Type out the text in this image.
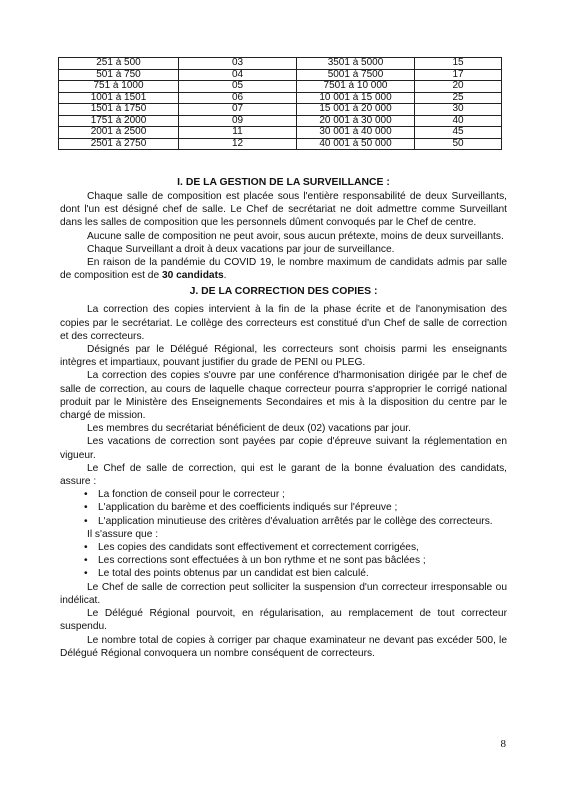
251 à 500	03	3501 à 5000	15
501 à 750	04	5001 à 7500	17
751 à 1000	05	7501 à 10 000	20
1001 à 1501	06	10 001 à 15 000	25
1501 à 1750	07	15 001 à 20 000	30
1751 à 2000	09	20 001 à 30 000	40
2001 à 2500	11	30 001 à 40 000	45
2501 à 2750	12	40 001 à 50 000	50
I. DE LA GESTION DE LA SURVEILLANCE :

Chaque salle de composition est placée sous l'entière responsabilité de deux Surveillants, dont l'un est désigné chef de salle. Le Chef de secrétariat ne doit admettre comme Surveillant dans les salles de composition que les personnels dûment convoqués par le Chef de centre.

Aucune salle de composition ne peut avoir, sous aucun prétexte, moins de deux surveillants.

Chaque Surveillant a droit à deux vacations par jour de surveillance.

En raison de la pandémie du COVID 19, le nombre maximum de candidats admis par salle de composition est de 30 candidats.

J. DE LA CORRECTION DES COPIES :

La correction des copies intervient à la fin de la phase écrite et de l'anonymisation des copies par le secrétariat. Le collège des correcteurs est constitué d'un Chef de salle de correction et des correcteurs.

Désignés par le Délégué Régional, les correcteurs sont choisis parmi les enseignants intègres et impartiaux, pouvant justifier du grade de PENI ou PLEG.

La correction des copies s'ouvre par une conférence d'harmonisation dirigée par le chef de salle de correction, au cours de laquelle chaque correcteur pourra s'approprier le corrigé national produit par le Ministère des Enseignements Secondaires et mis à la disposition du centre par le chargé de mission.

Les membres du secrétariat bénéficient de deux (02) vacations par jour.

Les vacations de correction sont payées par copie d'épreuve suivant la réglementation en vigueur.

Le Chef de salle de correction, qui est le garant de la bonne évaluation des candidats, assure :

• La fonction de conseil pour le correcteur ;
• L'application du barème et des coefficients indiqués sur l'épreuve ;
• L'application minutieuse des critères d'évaluation arrêtés par le collège des correcteurs.

Il s'assure que :

• Les copies des candidats sont effectivement et correctement corrigées,
• Les corrections sont effectuées à un bon rythme et ne sont pas bâclées ;
• Le total des points obtenus par un candidat est bien calculé.

Le Chef de salle de correction peut solliciter la suspension d'un correcteur irresponsable ou indélicat.

Le Délégué Régional pourvoit, en régularisation, au remplacement de tout correcteur suspendu.

Le nombre total de copies à corriger par chaque examinateur ne devant pas excéder 500, le Délégué Régional convoquera un nombre conséquent de correcteurs.

8
